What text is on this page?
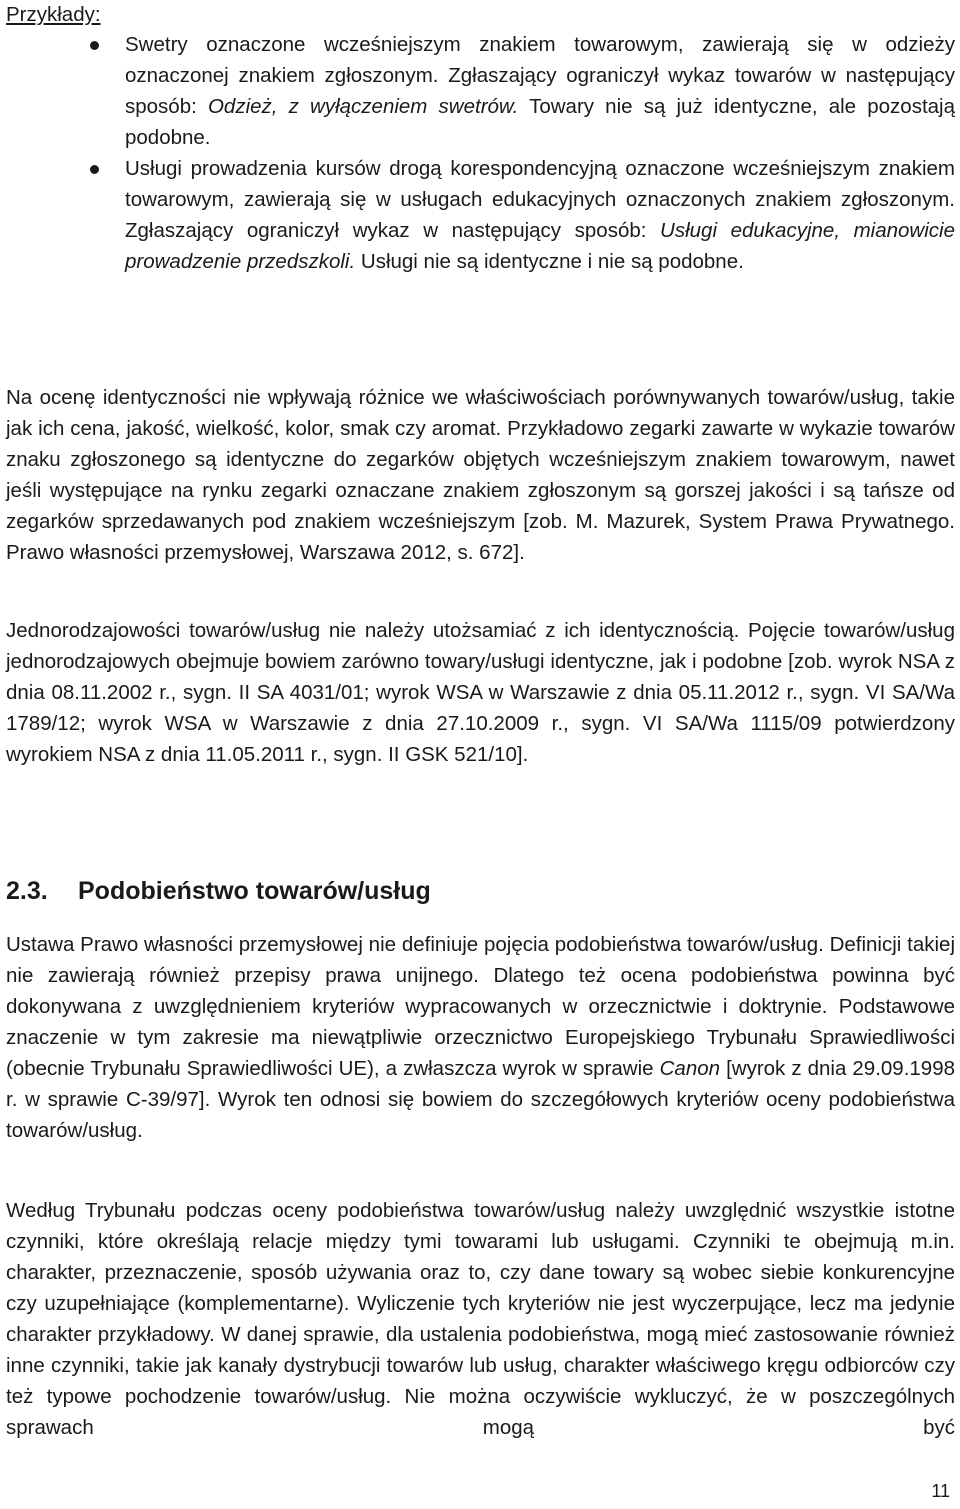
Przykłady:
Swetry oznaczone wcześniejszym znakiem towarowym, zawierają się w odzieży oznaczonej znakiem zgłoszonym. Zgłaszający ograniczył wykaz towarów w następujący sposób: Odzież, z wyłączeniem swetrów. Towary nie są już identyczne, ale pozostają podobne.
Usługi prowadzenia kursów drogą korespondencyjną oznaczone wcześniejszym znakiem towarowym, zawierają się w usługach edukacyjnych oznaczonych znakiem zgłoszonym. Zgłaszający ograniczył wykaz w następujący sposób: Usługi edukacyjne, mianowicie prowadzenie przedszkoli. Usługi nie są identyczne i nie są podobne.
Na ocenę identyczności nie wpływają różnice we właściwościach porównywanych towarów/usług, takie jak ich cena, jakość, wielkość, kolor, smak czy aromat. Przykładowo zegarki zawarte w wykazie towarów znaku zgłoszonego są identyczne do zegarków objętych wcześniejszym znakiem towarowym, nawet jeśli występujące na rynku zegarki oznaczane znakiem zgłoszonym są gorszej jakości i są tańsze od zegarków sprzedawanych pod znakiem wcześniejszym [zob. M. Mazurek, System Prawa Prywatnego. Prawo własności przemysłowej, Warszawa 2012, s. 672].
Jednorodzajowości towarów/usług nie należy utożsamiać z ich identycznością. Pojęcie towarów/usług jednorodzajowych obejmuje bowiem zarówno towary/usługi identyczne, jak i podobne [zob. wyrok NSA z dnia 08.11.2002 r., sygn. II SA 4031/01; wyrok WSA w Warszawie z dnia 05.11.2012 r., sygn. VI SA/Wa 1789/12; wyrok WSA w Warszawie z dnia 27.10.2009 r., sygn. VI SA/Wa 1115/09 potwierdzony wyrokiem NSA z dnia 11.05.2011 r., sygn. II GSK 521/10].
2.3. Podobieństwo towarów/usług
Ustawa Prawo własności przemysłowej nie definiuje pojęcia podobieństwa towarów/usług. Definicji takiej nie zawierają również przepisy prawa unijnego. Dlatego też ocena podobieństwa powinna być dokonywana z uwzględnieniem kryteriów wypracowanych w orzecznictwie i doktrynie. Podstawowe znaczenie w tym zakresie ma niewątpliwie orzecznictwo Europejskiego Trybunału Sprawiedliwości (obecnie Trybunału Sprawiedliwości UE), a zwłaszcza wyrok w sprawie Canon [wyrok z dnia 29.09.1998 r. w sprawie C-39/97]. Wyrok ten odnosi się bowiem do szczegółowych kryteriów oceny podobieństwa towarów/usług.
Według Trybunału podczas oceny podobieństwa towarów/usług należy uwzględnić wszystkie istotne czynniki, które określają relacje między tymi towarami lub usługami. Czynniki te obejmują m.in. charakter, przeznaczenie, sposób używania oraz to, czy dane towary są wobec siebie konkurencyjne czy uzupełniające (komplementarne). Wyliczenie tych kryteriów nie jest wyczerpujące, lecz ma jedynie charakter przykładowy. W danej sprawie, dla ustalenia podobieństwa, mogą mieć zastosowanie również inne czynniki, takie jak kanały dystrybucji towarów lub usług, charakter właściwego kręgu odbiorców czy też typowe pochodzenie towarów/usług. Nie można oczywiście wykluczyć, że w poszczególnych sprawach mogą być
11
